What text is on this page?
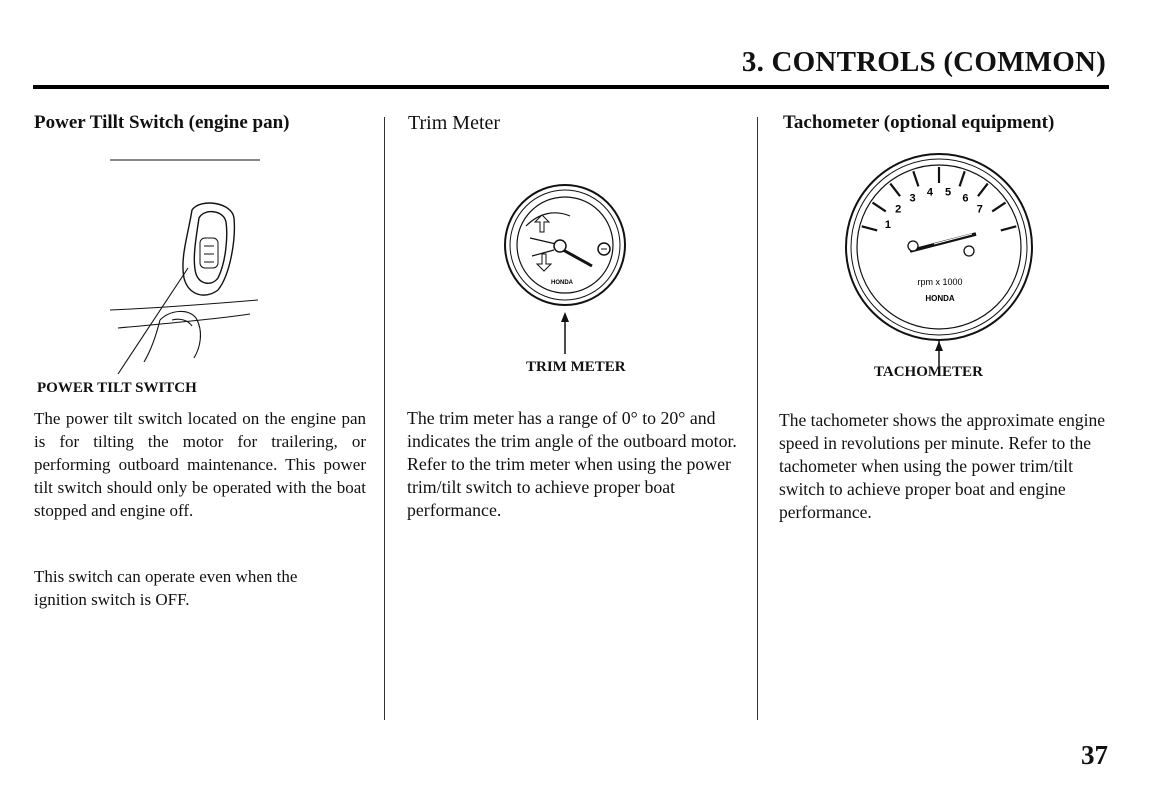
3. CONTROLS (COMMON)
Power Tillt Switch (engine pan)
POWER TILT SWITCH

The power tilt switch located on the engine pan is for tilting the motor for trailering, or performing outboard maintenance. This power tilt switch should only be operated with the boat stopped and engine off.

This switch can operate even when the ignition switch is OFF.

Trim Meter
HONDA
TRIM METER

The trim meter has a range of 0° to 20° and indicates the trim angle of the outboard motor. Refer to the trim meter when using the power trim/tilt switch to achieve proper boat performance.

Tachometer (optional equipment)
1
2
3 4 5 6
7
rpm x 1000
HONDA
TACHOMETER

The tachometer shows the approximate engine speed in revolutions per minute. Refer to the tachometer when using the power trim/tilt switch to achieve proper boat and engine performance.

37
